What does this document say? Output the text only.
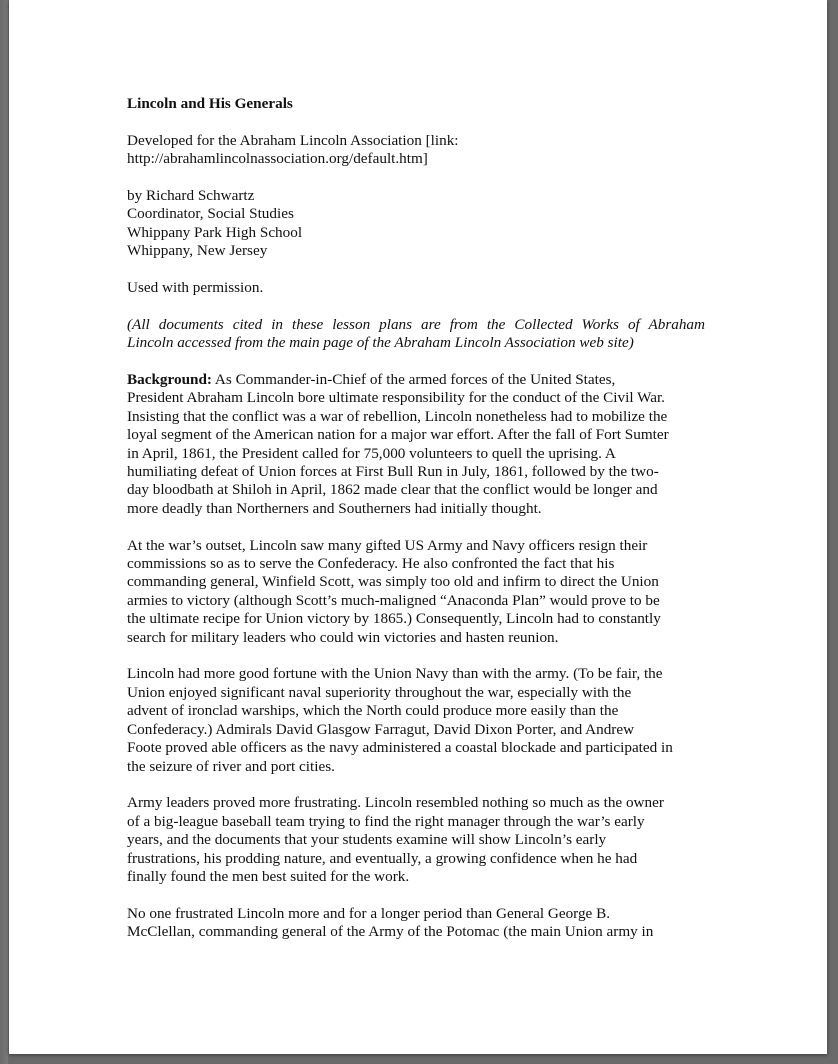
Lincoln and His Generals

Developed for the Abraham Lincoln Association [link:
http://abrahamlincolnassociation.org/default.htm]

by Richard Schwartz
Coordinator, Social Studies
Whippany Park High School
Whippany, New Jersey

Used with permission.

(All documents cited in these lesson plans are from the Collected Works of Abraham
Lincoln accessed from the main page of the Abraham Lincoln Association web site)

Background: As Commander-in-Chief of the armed forces of the United States,
President Abraham Lincoln bore ultimate responsibility for the conduct of the Civil War.
Insisting that the conflict was a war of rebellion, Lincoln nonetheless had to mobilize the
loyal segment of the American nation for a major war effort. After the fall of Fort Sumter
in April, 1861, the President called for 75,000 volunteers to quell the uprising. A
humiliating defeat of Union forces at First Bull Run in July, 1861, followed by the two-
day bloodbath at Shiloh in April, 1862 made clear that the conflict would be longer and
more deadly than Northerners and Southerners had initially thought.

At the war’s outset, Lincoln saw many gifted US Army and Navy officers resign their
commissions so as to serve the Confederacy. He also confronted the fact that his
commanding general, Winfield Scott, was simply too old and infirm to direct the Union
armies to victory (although Scott’s much-maligned “Anaconda Plan” would prove to be
the ultimate recipe for Union victory by 1865.) Consequently, Lincoln had to constantly
search for military leaders who could win victories and hasten reunion.

Lincoln had more good fortune with the Union Navy than with the army. (To be fair, the
Union enjoyed significant naval superiority throughout the war, especially with the
advent of ironclad warships, which the North could produce more easily than the
Confederacy.) Admirals David Glasgow Farragut, David Dixon Porter, and Andrew
Foote proved able officers as the navy administered a coastal blockade and participated in
the seizure of river and port cities.

Army leaders proved more frustrating. Lincoln resembled nothing so much as the owner
of a big-league baseball team trying to find the right manager through the war’s early
years, and the documents that your students examine will show Lincoln’s early
frustrations, his prodding nature, and eventually, a growing confidence when he had
finally found the men best suited for the work.

No one frustrated Lincoln more and for a longer period than General George B.
McClellan, commanding general of the Army of the Potomac (the main Union army in
